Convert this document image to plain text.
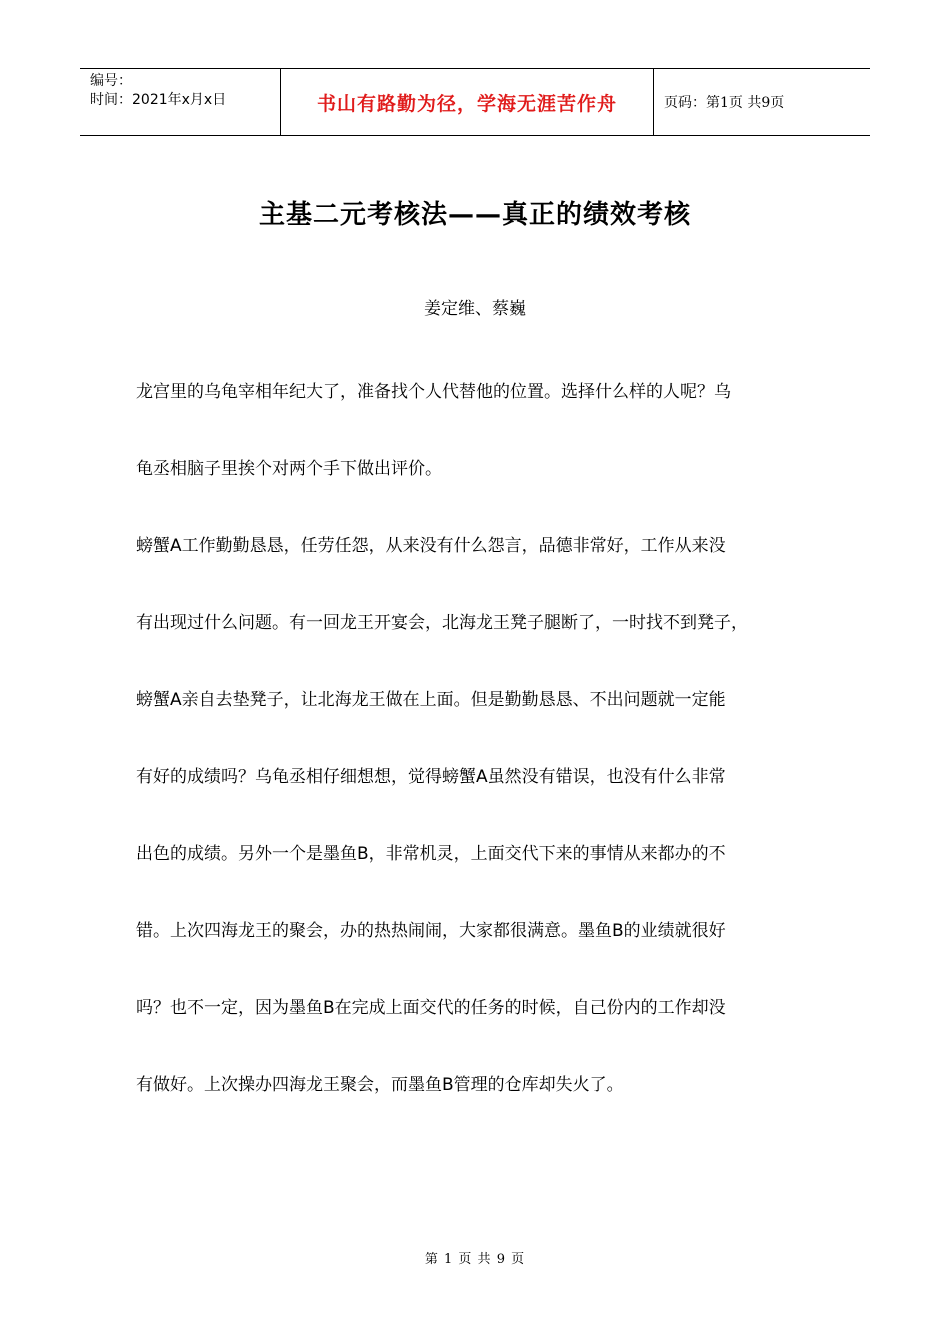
编号：
时间：2021年x月x日	书山有路勤为径，学海无涯苦作舟	页码：第1页 共9页
主基二元考核法——真正的绩效考核
姜定维、蔡巍

龙宫里的乌龟宰相年纪大了，准备找个人代替他的位置。选择什么样的人呢？乌

龟丞相脑子里挨个对两个手下做出评价。

螃蟹A工作勤勤恳恳，任劳任怨，从来没有什么怨言，品德非常好，工作从来没

有出现过什么问题。有一回龙王开宴会，北海龙王凳子腿断了，一时找不到凳子，

螃蟹A亲自去垫凳子，让北海龙王做在上面。但是勤勤恳恳、不出问题就一定能

有好的成绩吗？乌龟丞相仔细想想，觉得螃蟹A虽然没有错误，也没有什么非常

出色的成绩。另外一个是墨鱼B，非常机灵，上面交代下来的事情从来都办的不

错。上次四海龙王的聚会，办的热热闹闹，大家都很满意。墨鱼B的业绩就很好

吗？也不一定，因为墨鱼B在完成上面交代的任务的时候，自己份内的工作却没

有做好。上次操办四海龙王聚会，而墨鱼B管理的仓库却失火了。

第 1 页 共 9 页
